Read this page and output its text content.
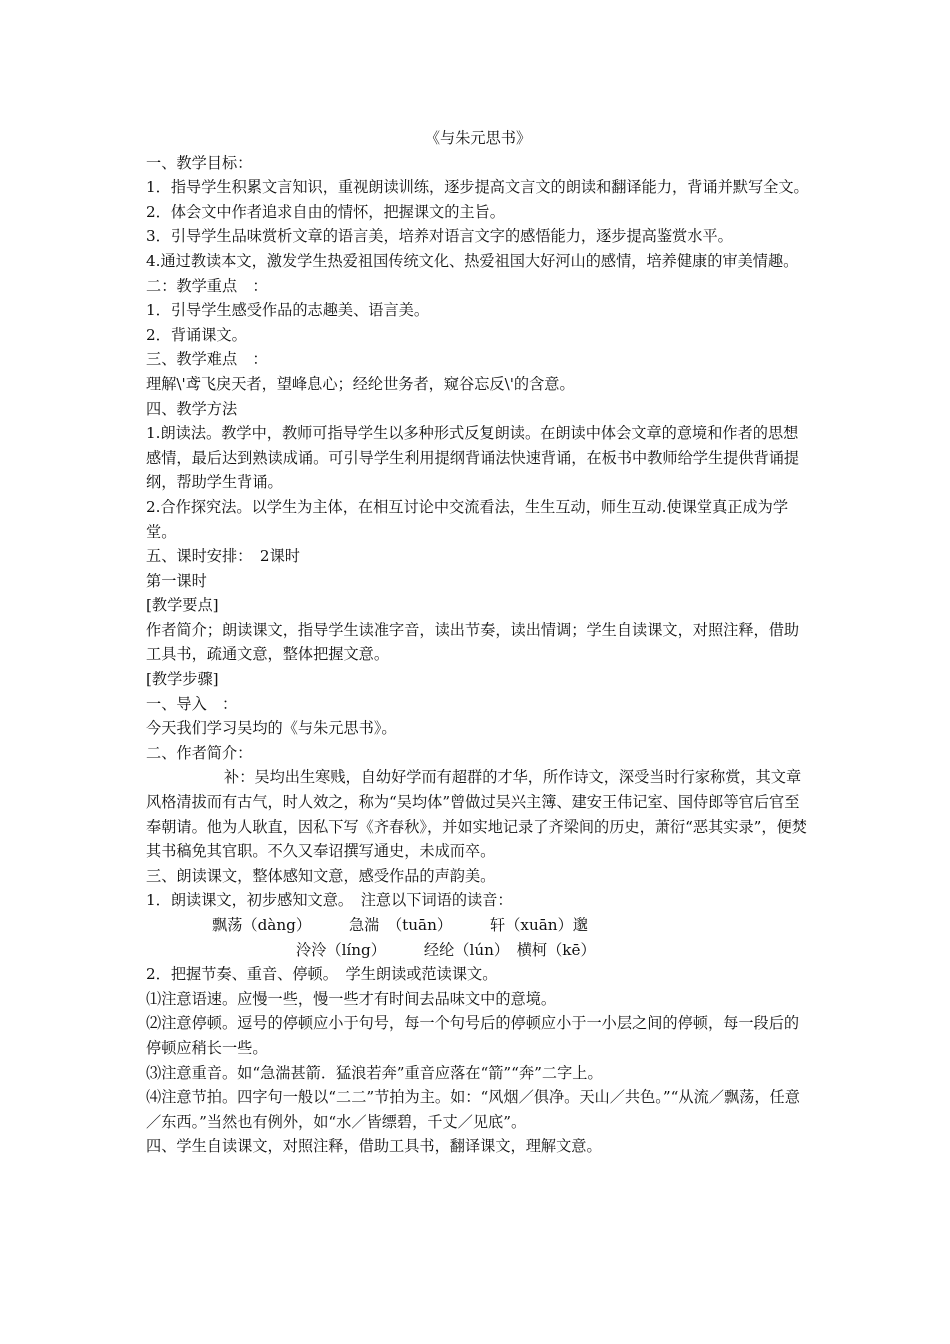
《与朱元思书》

一、教学目标：

1．指导学生积累文言知识，重视朗读训练，逐步提高文言文的朗读和翻译能力，背诵并默写全文。

2．体会文中作者追求自由的情怀，把握课文的主旨。

3．引导学生品味赏析文章的语言美，培养对语言文字的感悟能力，逐步提高鉴赏水平。

4.通过教读本文，激发学生热爱祖国传统文化、热爱祖国大好河山的感情，培养健康的审美情趣。

二：教学重点　：

1．引导学生感受作品的志趣美、语言美。

2．背诵课文。

三、教学难点　：

理解\'鸢飞戾天者，望峰息心；经纶世务者，窥谷忘反\'的含意。

四、教学方法

1.朗读法。教学中，教师可指导学生以多种形式反复朗读。在朗读中体会文章的意境和作者的思想感情，最后达到熟读成诵。可引导学生利用提纲背诵法快速背诵，在板书中教师给学生提供背诵提纲，帮助学生背诵。

2.合作探究法。以学生为主体，在相互讨论中交流看法，生生互动，师生互动.使课堂真正成为学堂。

五、课时安排：　2课时

第一课时

[教学要点]

作者简介；朗读课文，指导学生读准字音，读出节奏，读出情调；学生自读课文，对照注释，借助工具书，疏通文意，整体把握文意。

[教学步骤]

一、导入　：

今天我们学习吴均的《与朱元思书》。

二、作者简介：

补：吴均出生寒贱，自幼好学而有超群的才华，所作诗文，深受当时行家称赏，其文章风格清拔而有古气，时人效之，称为“吴均体”曾做过吴兴主簿、建安王伟记室、国侍郎等官后官至奉朝请。他为人耿直，因私下写《齐春秋》，并如实地记录了齐梁间的历史，萧衍“恶其实录”，便焚其书稿免其官职。不久又奉诏撰写通史，未成而卒。

三、朗读课文，整体感知文意，感受作品的声韵美。

1．朗读课文，初步感知文意。　注意以下词语的读音：

飘荡（dàng）　　　急湍　（tuān）　　　轩（xuān）邈

泠泠（líng）　　　经纶（lún）　横柯（kē）

2．把握节奏、重音、停顿。　学生朗读或范读课文。

⑴注意语速。应慢一些，慢一些才有时间去品味文中的意境。

⑵注意停顿。逗号的停顿应小于句号，每一个句号后的停顿应小于一小层之间的停顿，每一段后的停顿应稍长一些。

⑶注意重音。如“急湍甚箭．猛浪若奔”重音应落在“箭”“奔”二字上。

⑷注意节拍。四字句一般以“二二”节拍为主。如：“风烟／俱净。天山／共色。”“从流／飘荡，任意／东西。”当然也有例外，如“水／皆缥碧，千丈／见底”。

四、学生自读课文，对照注释，借助工具书，翻译课文，理解文意。
